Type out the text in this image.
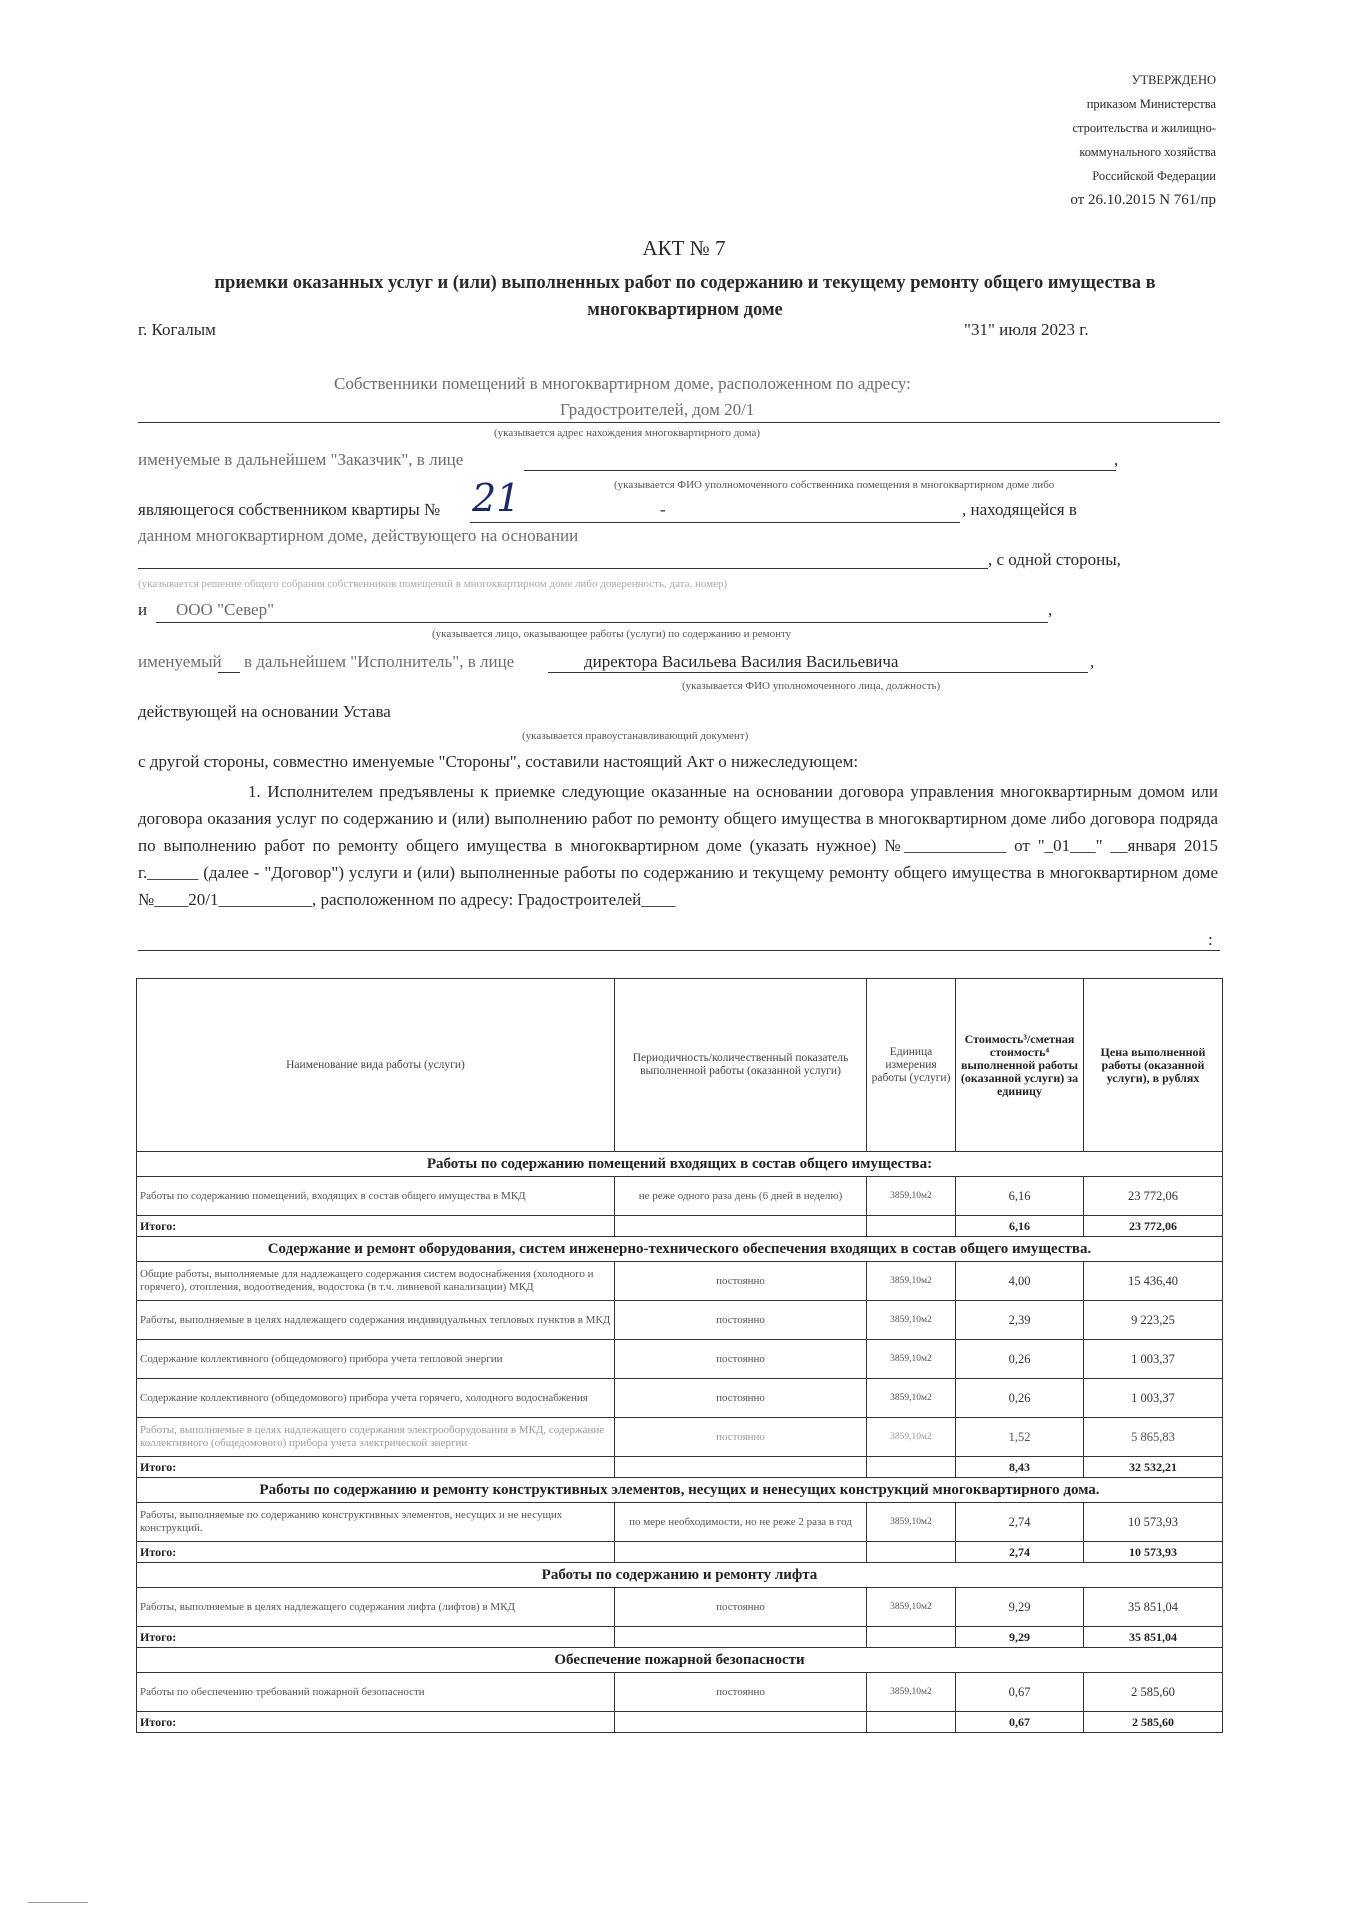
УТВЕРЖДЕНО
приказом Министерства
строительства и жилищно-
коммунального хозяйства
Российской Федерации
от 26.10.2015 N 761/пр
АКТ № 7
приемки оказанных услуг и (или) выполненных работ по содержанию и текущему ремонту общего имущества в многоквартирном доме
г. Когалым	"31" июля 2023 г.
Собственники помещений в многоквартирном доме, расположенном по адресу:
Градостроителей, дом 20/1
(указывается адрес нахождения многоквартирного дома)
именуемые в дальнейшем "Заказчик", в лице	,
(указывается ФИО уполномоченного собственника помещения в многоквартирном доме либо
являющегося собственником квартиры № 21	-	, находящейся в
данном многоквартирном доме, действующего на основании
, с одной стороны,
(указывается решение общего собрания собственников помещений в многоквартирном доме либо доверенность, дата, номер)
и ООО "Север"	,
(указывается лицо, оказывающее работы (услуги) по содержанию и ремонту
именуемый в дальнейшем "Исполнитель", в лице	директора Васильева Василия Васильевича	,
(указывается ФИО уполномоченного лица, должность)
действующей на основании Устава
(указывается правоустанавливающий документ)
с другой стороны, совместно именуемые "Стороны", составили настоящий Акт о нижеследующем:
1. Исполнителем предъявлены к приемке следующие оказанные на основании договора управления многоквартирным домом или договора оказания услуг по содержанию и (или) выполнению работ по ремонту общего имущества в многоквартирном доме либо договора подряда по выполнению работ по ремонту общего имущества в многоквартирном доме (указать нужное) №____________ от "_01___" __января 2015 г.______ (далее - "Договор") услуги и (или) выполненные работы по содержанию и текущему ремонту общего имущества в многоквартирном доме №____20/1___________, расположенном по адресу: Градостроителей____
:
Наименование вида работы (услуги)	Периодичность/количественный показатель выполненной работы (оказанной услуги)	Единица измерения работы (услуги)	Стоимость³/сметная стоимость⁴ выполненной работы (оказанной услуги) за единицу	Цена выполненной работы (оказанной услуги), в рублях
Работы по содержанию помещений входящих в состав общего имущества:				
Работы по содержанию помещений, входящих в состав общего имущества в МКД	не реже одного раза день (6 дней в неделю)	3859,10м2	6,16	23 772,06
Итого:			6,16	23 772,06
Содержание и ремонт оборудования, систем инженерно-технического обеспечения входящих в состав общего имущества.				
Общие работы, выполняемые для надлежащего содержания систем водоснабжения (холодного и горячего), отопления, водоотведения, водостока (в т.ч. ливневой канализации) МКД	постоянно	3859,10м2	4,00	15 436,40
Работы, выполняемые в целях надлежащего содержания индивидуальных тепловых пунктов в МКД	постоянно	3859,10м2	2,39	9 223,25
Содержание коллективного (общедомового) прибора учета тепловой энергии	постоянно	3859,10м2	0,26	1 003,37
Содержание коллективного (общедомового) прибора учета горячего, холодного водоснабжения	постоянно	3859,10м2	0,26	1 003,37
Работы, выполняемые в целях надлежащего содержания электрооборудования в МКД, содержание коллективного (общедомового) прибора учета электрической энергии	постоянно	3859,10м2	1,52	5 865,83
Итого:			8,43	32 532,21
Работы по содержанию и ремонту конструктивных элементов, несущих и ненесущих конструкций многоквартирного дома.				
Работы, выполняемые по содержанию конструктивных элементов, несущих и не несущих конструкций.	по мере необходимости, но не реже 2 раза в год	3859,10м2	2,74	10 573,93
Итого:			2,74	10 573,93
Работы по содержанию и ремонту лифта				
Работы, выполняемые в целях надлежащего содержания лифта (лифтов) в МКД	постоянно	3859,10м2	9,29	35 851,04
Итого:			9,29	35 851,04
Обеспечение пожарной безопасности				
Работы по обеспечению требований пожарной безопасности	постоянно	3859,10м2	0,67	2 585,60
Итого:			0,67	2 585,60
